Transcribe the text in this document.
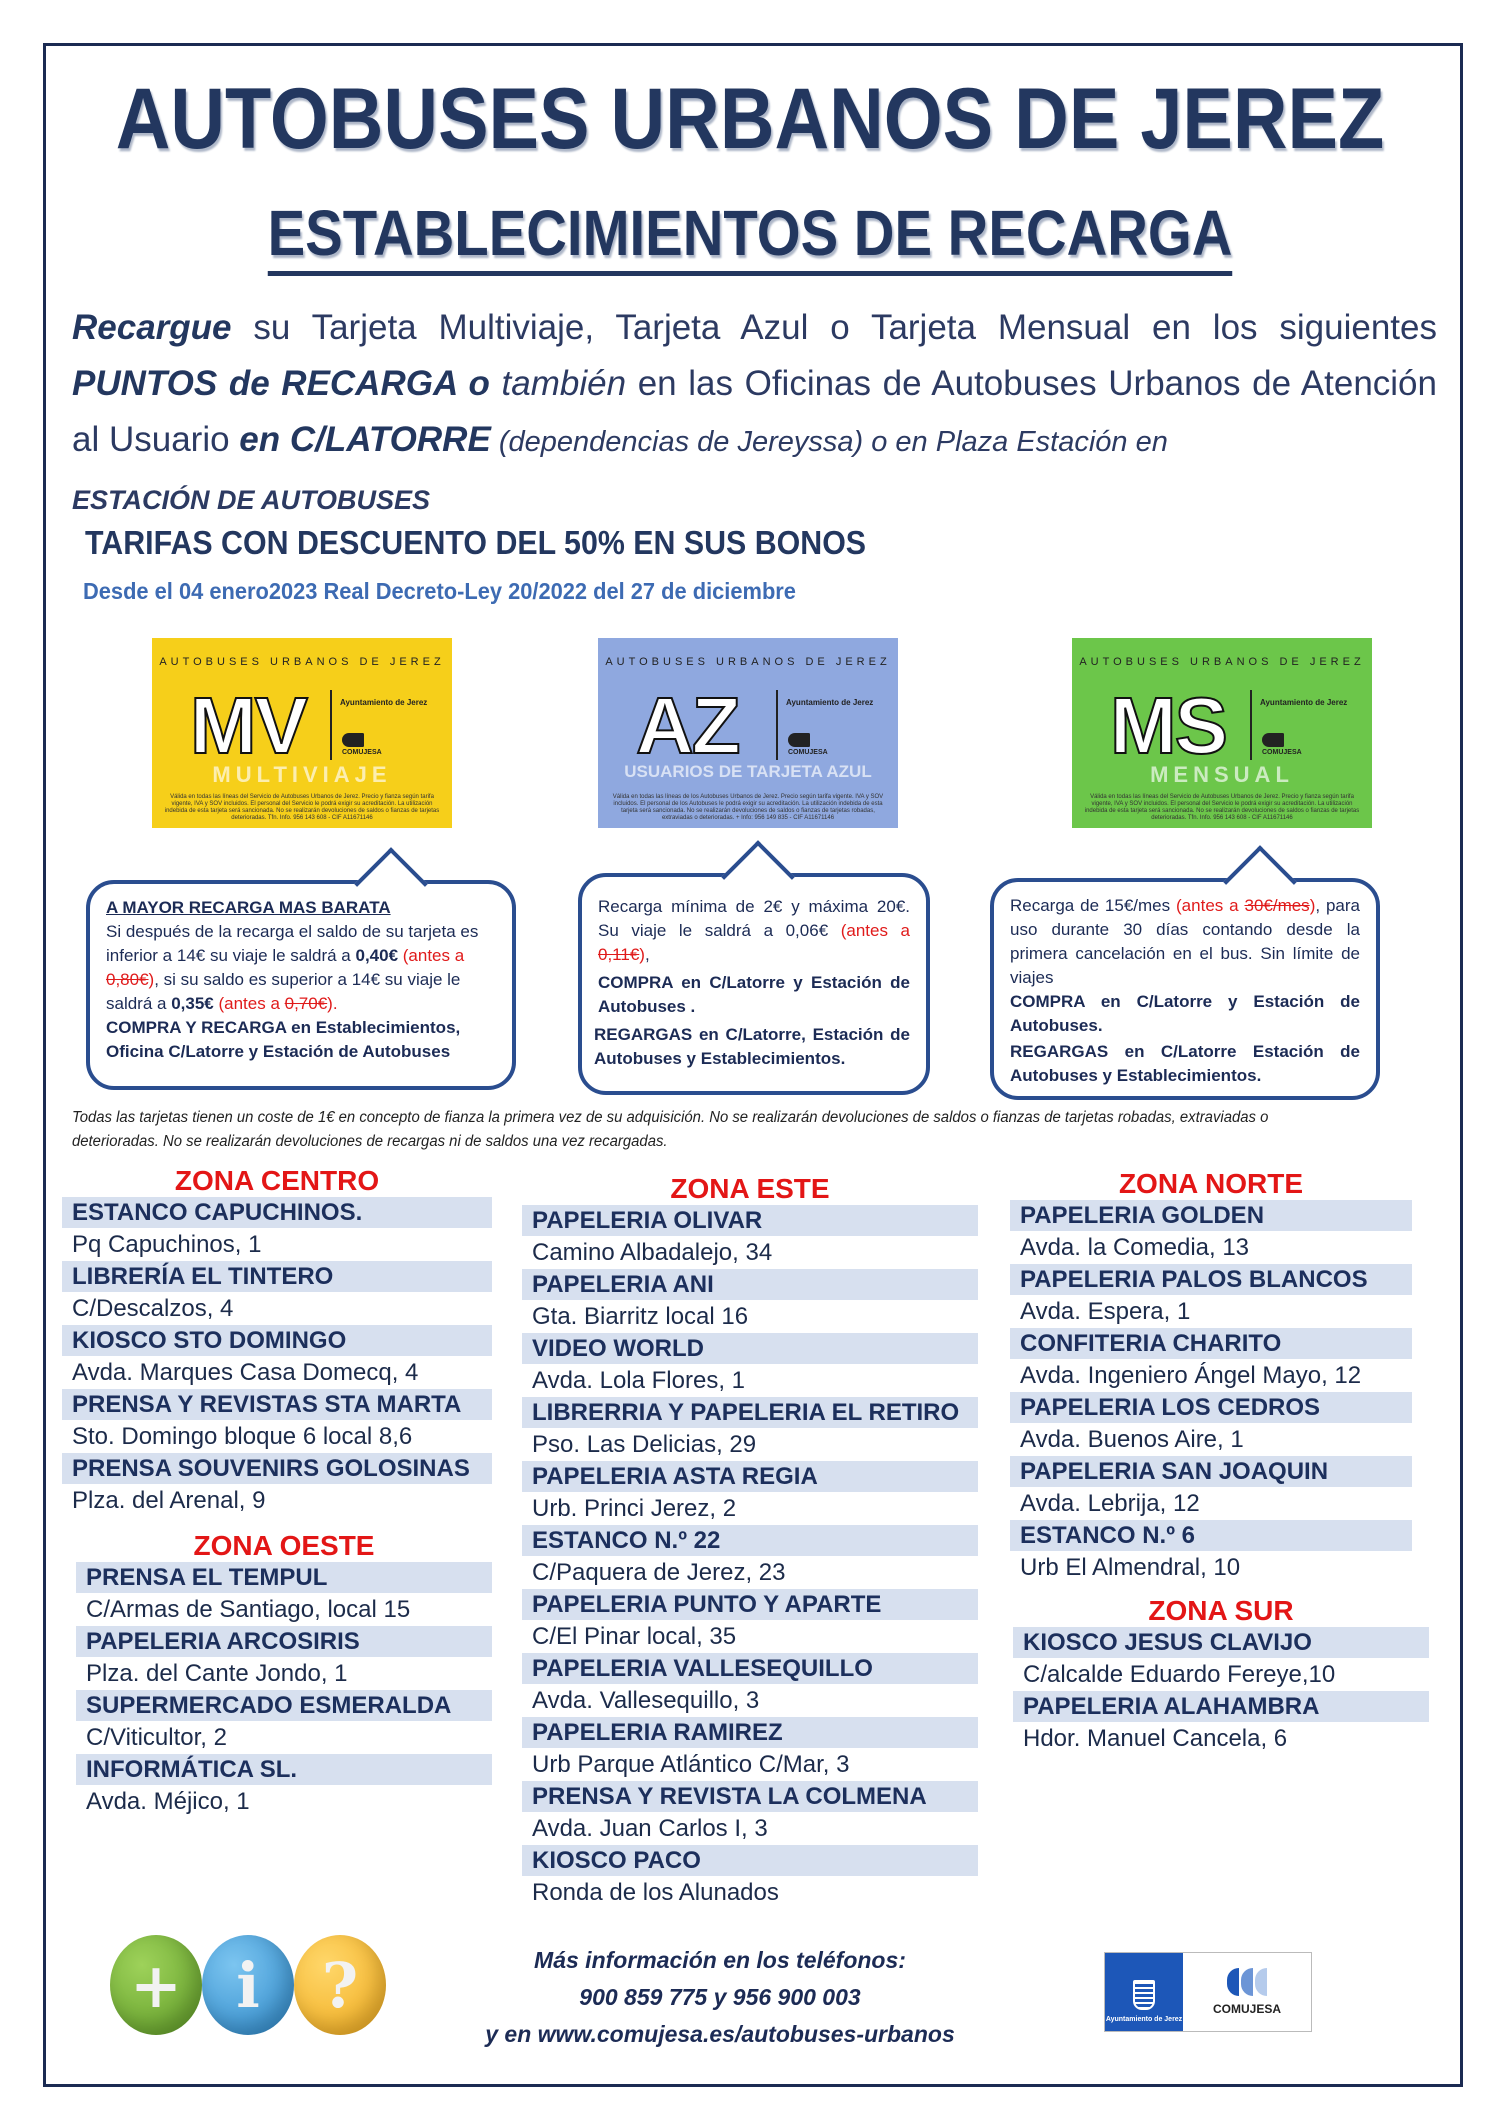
AUTOBUSES URBANOS DE JEREZ
ESTABLECIMIENTOS DE RECARGA
Recargue su Tarjeta Multiviaje, Tarjeta Azul o Tarjeta Mensual en los siguientes PUNTOS de RECARGA o también en las Oficinas de Autobuses Urbanos de Atención al Usuario en C/LATORRE (dependencias de Jereyssa) o en Plaza Estación en
ESTACIÓN DE AUTOBUSES
TARIFAS CON DESCUENTO DEL 50% EN SUS BONOS
Desde el 04 enero2023 Real Decreto-Ley 20/2022 del 27 de diciembre
AUTOBUSES URBANOS DE JEREZ
MV	Ayuntamiento de Jerez
COMUJESA
MULTIVIAJE
Válida en todas las líneas del Servicio de Autobuses Urbanos de Jerez. Precio y fianza según tarifa vigente, IVA y SOV incluidos. El personal del Servicio le podrá exigir su acreditación. La utilización indebida de esta tarjeta será sancionada. No se realizarán devoluciones de saldos o fianzas de tarjetas deterioradas. Tfn. Info. 956 143 608 - CIF A11671146
AUTOBUSES URBANOS DE JEREZ
AZ	Ayuntamiento de Jerez
COMUJESA
USUARIOS DE TARJETA AZUL
Válida en todas las líneas de los Autobuses Urbanos de Jerez. Precio según tarifa vigente. IVA y SOV incluidos. El personal de los Autobuses le podrá exigir su acreditación. La utilización indebida de esta tarjeta será sancionada. No se realizarán devoluciones de saldos o fianzas de tarjetas robadas, extraviadas o deterioradas. + Info: 956 149 835 - CIF A11671146
AUTOBUSES URBANOS DE JEREZ
MS	Ayuntamiento de Jerez
COMUJESA
MENSUAL
Válida en todas las líneas del Servicio de Autobuses Urbanos de Jerez. Precio y fianza según tarifa vigente, IVA y SOV incluidos. El personal del Servicio le podrá exigir su acreditación. La utilización indebida de esta tarjeta será sancionada. No se realizarán devoluciones de saldos o fianzas de tarjetas deterioradas. Tfn. Info. 956 143 608 - CIF A11671146
A MAYOR RECARGA MAS BARATA
Si después de la recarga el saldo de su tarjeta es inferior a 14€ su viaje le saldrá a 0,40€ (antes a 0,80€), si su saldo es superior a 14€ su viaje le saldrá a 0,35€ (antes a 0,70€).
COMPRA Y RECARGA en Establecimientos, Oficina C/Latorre y Estación de Autobuses
Recarga mínima de 2€ y máxima 20€. Su viaje le saldrá a 0,06€ (antes a 0,11€),

COMPRA en C/Latorre y Estación de Autobuses .
REGARGAS en C/Latorre, Estación de Autobuses y Establecimientos.
Recarga de 15€/mes (antes a 30€/mes), para uso durante 30 días contando desde la primera cancelación en el bus. Sin límite de viajes

COMPRA en C/Latorre y Estación de Autobuses.
REGARGAS en C/Latorre Estación de Autobuses y Establecimientos.
Todas las tarjetas tienen un coste de 1€ en concepto de fianza la primera vez de su adquisición. No se realizarán devoluciones de saldos o fianzas de tarjetas robadas, extraviadas o deterioradas. No se realizarán devoluciones de recargas ni de saldos una vez recargadas.
ZONA CENTRO
ESTANCO CAPUCHINOS.
Pq Capuchinos, 1
LIBRERÍA EL TINTERO
C/Descalzos, 4
KIOSCO STO DOMINGO
Avda. Marques Casa Domecq, 4
PRENSA Y REVISTAS STA MARTA
Sto. Domingo bloque 6 local 8,6
PRENSA SOUVENIRS GOLOSINAS
Plza. del Arenal, 9
ZONA OESTE
PRENSA EL TEMPUL
C/Armas de Santiago, local 15
PAPELERIA ARCOSIRIS
Plza. del Cante Jondo, 1
SUPERMERCADO ESMERALDA
C/Viticultor, 2
INFORMÁTICA SL.
Avda. Méjico, 1
ZONA ESTE
PAPELERIA OLIVAR
Camino Albadalejo, 34
PAPELERIA ANI
Gta. Biarritz local 16
VIDEO WORLD
Avda. Lola Flores, 1
LIBRERRIA Y PAPELERIA EL RETIRO
Pso. Las Delicias, 29
PAPELERIA ASTA REGIA
Urb. Princi Jerez, 2
ESTANCO N.º 22
C/Paquera de Jerez, 23
PAPELERIA PUNTO Y APARTE
C/El Pinar local, 35
PAPELERIA VALLESEQUILLO
Avda. Vallesequillo, 3
PAPELERIA RAMIREZ
Urb Parque Atlántico C/Mar, 3
PRENSA Y REVISTA LA COLMENA
Avda. Juan Carlos I, 3
KIOSCO PACO
Ronda de los Alunados
ZONA NORTE
PAPELERIA GOLDEN
Avda. la Comedia, 13
PAPELERIA PALOS BLANCOS
Avda. Espera, 1
CONFITERIA CHARITO
Avda. Ingeniero Ángel Mayo, 12
PAPELERIA LOS CEDROS
Avda. Buenos Aire, 1
PAPELERIA SAN JOAQUIN
Avda. Lebrija, 12
ESTANCO N.º 6
Urb El Almendral, 10
ZONA SUR
KIOSCO JESUS CLAVIJO
C/alcalde Eduardo Fereye,10
PAPELERIA ALAHAMBRA
Hdor. Manuel Cancela, 6
+ i	?	Más información en los teléfonos:
900 859 775 y 956 900 003
y en www.comujesa.es/autobuses-urbanos
Ayuntamiento de Jerez
COMUJESA
